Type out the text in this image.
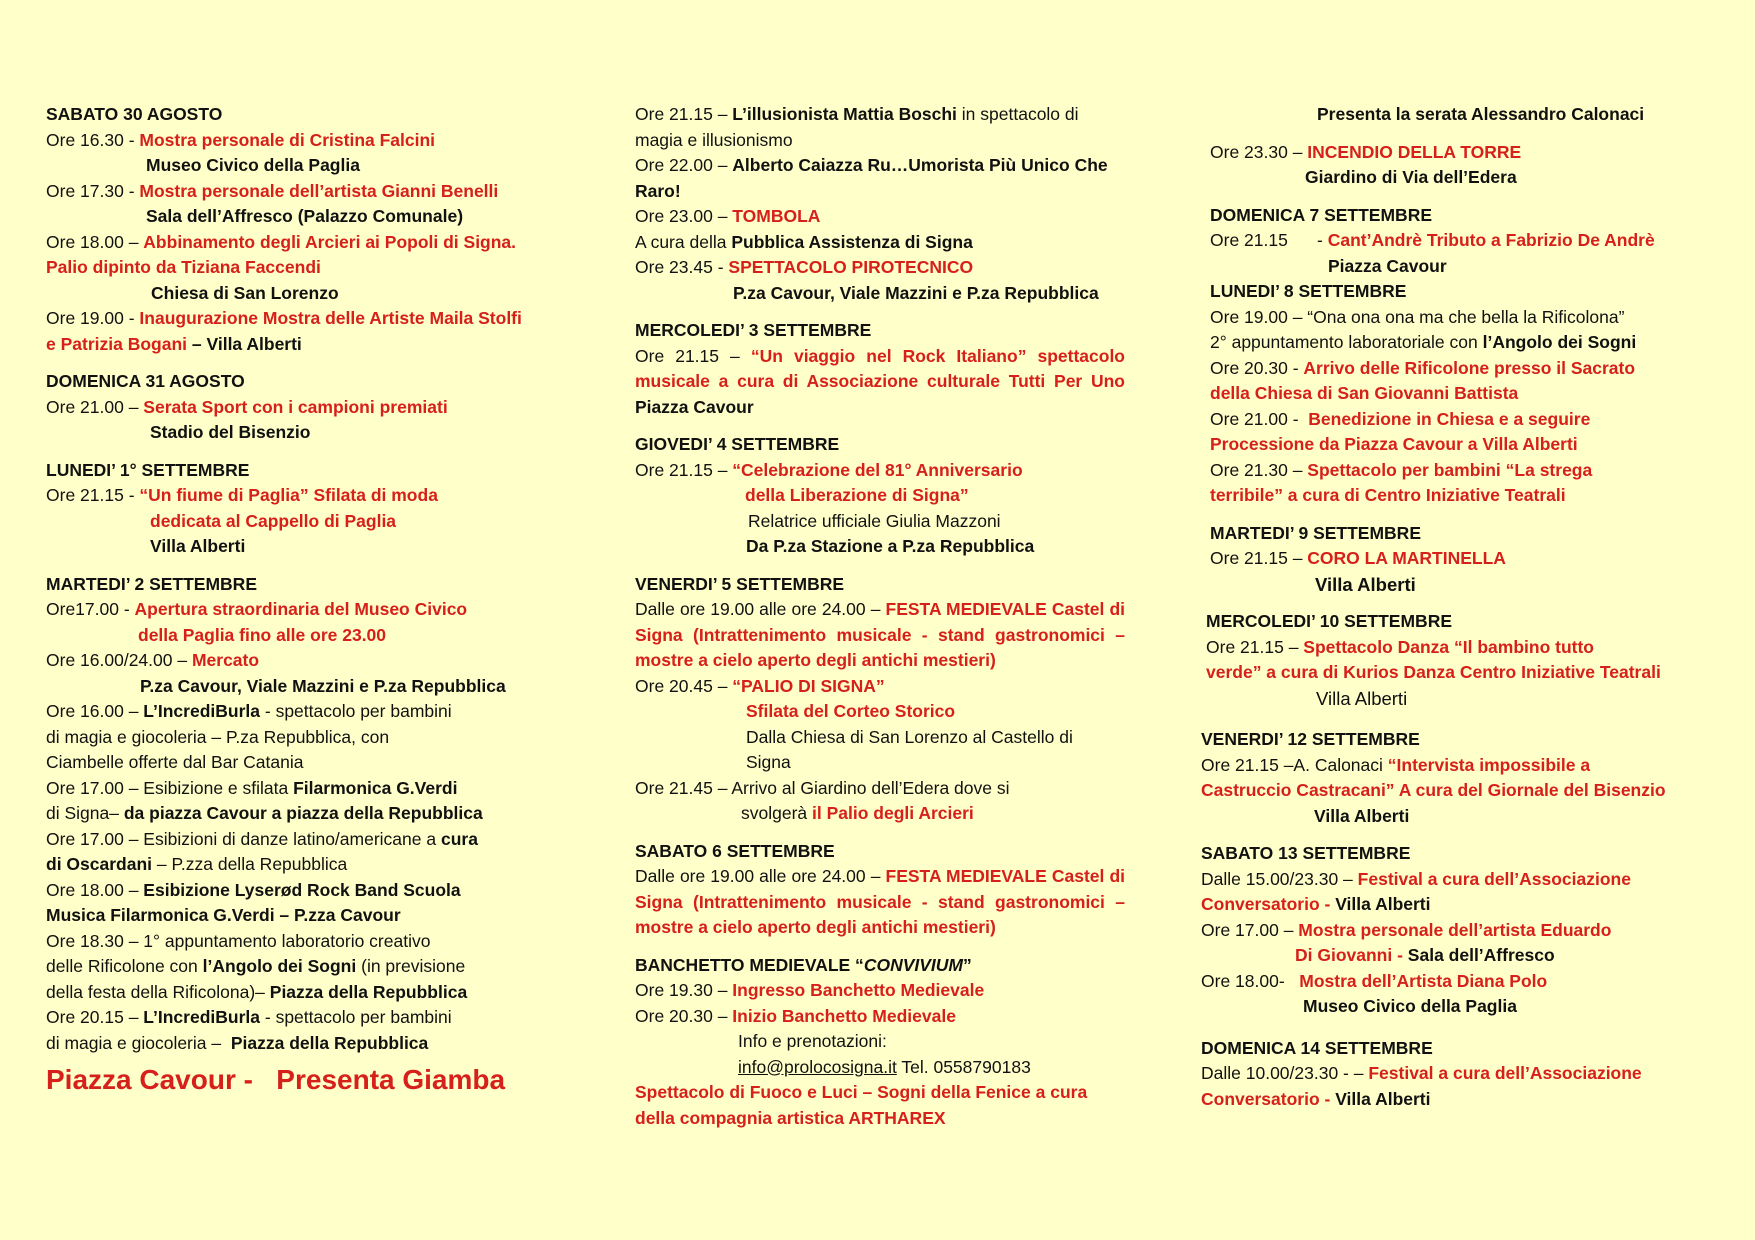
SABATO 30 AGOSTO
Ore 16.30 - Mostra personale di Cristina Falcini
Museo Civico della Paglia
Ore 17.30 - Mostra personale dell’artista Gianni Benelli
Sala dell’Affresco (Palazzo Comunale)
Ore 18.00 – Abbinamento degli Arcieri ai Popoli di Signa.
Palio dipinto da Tiziana Faccendi
Chiesa di San Lorenzo
Ore 19.00 - Inaugurazione Mostra delle Artiste Maila Stolfi
e Patrizia Bogani – Villa Alberti
DOMENICA 31 AGOSTO
Ore 21.00 – Serata Sport con i campioni premiati
Stadio del Bisenzio
LUNEDI’ 1° SETTEMBRE
Ore 21.15 - “Un fiume di Paglia” Sfilata di moda
dedicata al Cappello di Paglia
Villa Alberti
MARTEDI’ 2 SETTEMBRE
Ore17.00 - Apertura straordinaria del Museo Civico
della Paglia fino alle ore 23.00
Ore 16.00/24.00 – Mercato
P.za Cavour, Viale Mazzini e P.za Repubblica
Ore 16.00 – L’IncrediBurla - spettacolo per bambini
di magia e giocoleria – P.za Repubblica, con
Ciambelle offerte dal Bar Catania
Ore 17.00 – Esibizione e sfilata Filarmonica G.Verdi
di Signa– da piazza Cavour a piazza della Repubblica
Ore 17.00 – Esibizioni di danze latino/americane a cura
di Oscardani – P.zza della Repubblica
Ore 18.00 – Esibizione Lyserød Rock Band Scuola
Musica Filarmonica G.Verdi – P.zza Cavour
Ore 18.30 – 1° appuntamento laboratorio creativo
delle Rificolone con l’Angolo dei Sogni (in previsione
della festa della Rificolona)– Piazza della Repubblica
Ore 20.15 – L’IncrediBurla - spettacolo per bambini
di magia e giocoleria – Piazza della Repubblica
Piazza Cavour - Presenta Giamba
Ore 21.15 – L’illusionista Mattia Boschi in spettacolo di
magia e illusionismo
Ore 22.00 – Alberto Caiazza Ru…Umorista Più Unico Che
Raro!
Ore 23.00 – TOMBOLA
A cura della Pubblica Assistenza di Signa
Ore 23.45 - SPETTACOLO PIROTECNICO
P.za Cavour, Viale Mazzini e P.za Repubblica
MERCOLEDI’ 3 SETTEMBRE
Ore 21.15 – “Un viaggio nel Rock Italiano” spettacolo musicale a cura di Associazione culturale Tutti Per Uno Piazza Cavour
GIOVEDI’ 4 SETTEMBRE
Ore 21.15 – “Celebrazione del 81° Anniversario
della Liberazione di Signa”
Relatrice ufficiale Giulia Mazzoni
Da P.za Stazione a P.za Repubblica
VENERDI’ 5 SETTEMBRE
Dalle ore 19.00 alle ore 24.00 – FESTA MEDIEVALE Castel di Signa (Intrattenimento musicale - stand gastronomici – mostre a cielo aperto degli antichi mestieri)
Ore 20.45 – “PALIO DI SIGNA”
Sfilata del Corteo Storico
Dalla Chiesa di San Lorenzo al Castello di
Signa
Ore 21.45 – Arrivo al Giardino dell’Edera dove si
svolgerà il Palio degli Arcieri
SABATO 6 SETTEMBRE
Dalle ore 19.00 alle ore 24.00 – FESTA MEDIEVALE Castel di Signa (Intrattenimento musicale - stand gastronomici – mostre a cielo aperto degli antichi mestieri)
BANCHETTO MEDIEVALE “CONVIVIUM”
Ore 19.30 – Ingresso Banchetto Medievale
Ore 20.30 – Inizio Banchetto Medievale
Info e prenotazioni:
info@prolocosigna.it Tel. 0558790183
Spettacolo di Fuoco e Luci – Sogni della Fenice a cura della compagnia artistica ARTHAREX
Presenta la serata Alessandro Calonaci
Ore 23.30 – INCENDIO DELLA TORRE
Giardino di Via dell’Edera
DOMENICA 7 SETTEMBRE
Ore 21.15      - Cant’Andrè Tributo a Fabrizio De Andrè
Piazza Cavour
LUNEDI’ 8 SETTEMBRE
Ore 19.00 – “Ona ona ona ma che bella la Rificolona”
2° appuntamento laboratoriale con l’Angolo dei Sogni
Ore 20.30 - Arrivo delle Rificolone presso il Sacrato
della Chiesa di San Giovanni Battista
Ore 21.00 - Benedizione in Chiesa e a seguire
Processione da Piazza Cavour a Villa Alberti
Ore 21.30 – Spettacolo per bambini “La strega
terribile” a cura di Centro Iniziative Teatrali
MARTEDI’ 9 SETTEMBRE
Ore 21.15 – CORO LA MARTINELLA
Villa Alberti
MERCOLEDI’ 10 SETTEMBRE
Ore 21.15 – Spettacolo Danza “Il bambino tutto
verde” a cura di Kurios Danza Centro Iniziative Teatrali
Villa Alberti
VENERDI’ 12 SETTEMBRE
Ore 21.15 –A. Calonaci “Intervista impossibile a
Castruccio Castracani” A cura del Giornale del Bisenzio
Villa Alberti
SABATO 13 SETTEMBRE
Dalle 15.00/23.30 – Festival a cura dell’Associazione
Conversatorio - Villa Alberti
Ore 17.00 – Mostra personale dell’artista Eduardo
Di Giovanni - Sala dell’Affresco
Ore 18.00- Mostra dell’Artista Diana Polo
Museo Civico della Paglia
DOMENICA 14 SETTEMBRE
Dalle 10.00/23.30 - – Festival a cura dell’Associazione
Conversatorio - Villa Alberti
